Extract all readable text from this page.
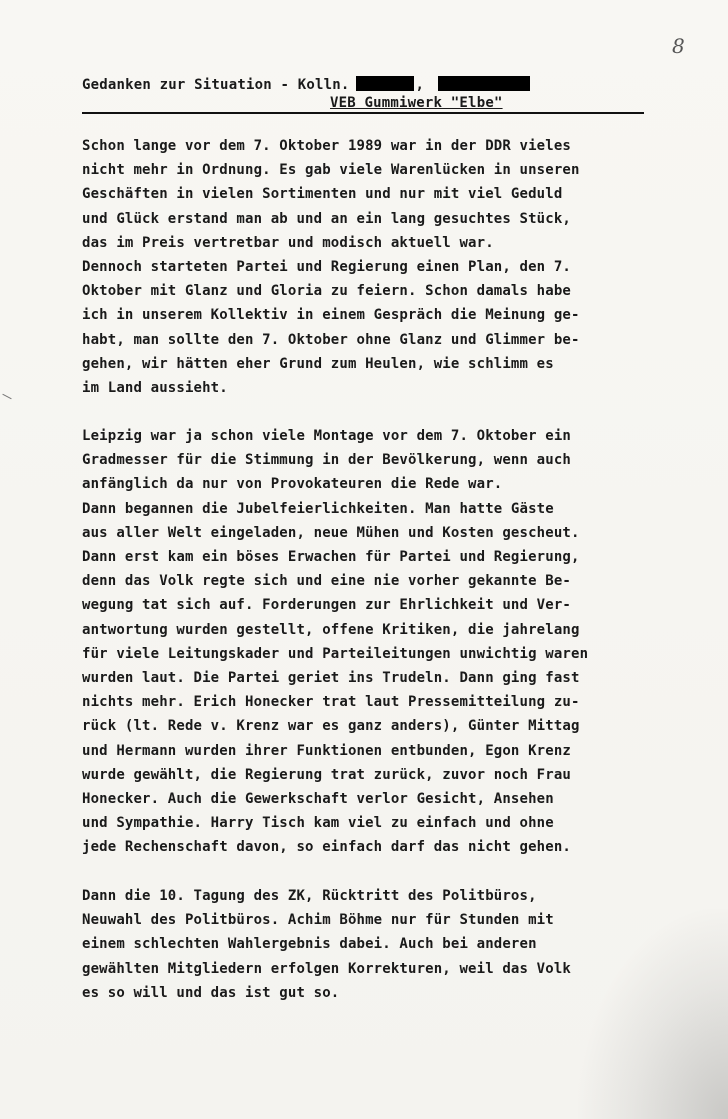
8
Gedanken zur Situation - Kolln.	,
VEB Gummiwerk "Elbe"
Schon lange vor dem 7. Oktober 1989 war in der DDR vieles
nicht mehr in Ordnung. Es gab viele Warenlücken in unseren
Geschäften in vielen Sortimenten und nur mit viel Geduld
und Glück erstand man ab und an ein lang gesuchtes Stück,
das im Preis vertretbar und modisch aktuell war.
Dennoch starteten Partei und Regierung einen Plan, den 7.
Oktober mit Glanz und Gloria zu feiern. Schon damals habe
ich in unserem Kollektiv in einem Gespräch die Meinung ge-
habt, man sollte den 7. Oktober ohne Glanz und Glimmer be-
gehen, wir hätten eher Grund zum Heulen, wie schlimm es
im Land aussieht.
Leipzig war ja schon viele Montage vor dem 7. Oktober ein
Gradmesser für die Stimmung in der Bevölkerung, wenn auch
anfänglich da nur von Provokateuren die Rede war.
Dann begannen die Jubelfeierlichkeiten. Man hatte Gäste
aus aller Welt eingeladen, neue Mühen und Kosten gescheut.
Dann erst kam ein böses Erwachen für Partei und Regierung,
denn das Volk regte sich und eine nie vorher gekannte Be-
wegung tat sich auf. Forderungen zur Ehrlichkeit und Ver-
antwortung wurden gestellt, offene Kritiken, die jahrelang
für viele Leitungskader und Parteileitungen unwichtig waren
wurden laut. Die Partei geriet ins Trudeln. Dann ging fast
nichts mehr. Erich Honecker trat laut Pressemitteilung zu-
rück (lt. Rede v. Krenz war es ganz anders), Günter Mittag
und Hermann wurden ihrer Funktionen entbunden, Egon Krenz
wurde gewählt, die Regierung trat zurück, zuvor noch Frau
Honecker. Auch die Gewerkschaft verlor Gesicht, Ansehen
und Sympathie. Harry Tisch kam viel zu einfach und ohne
jede Rechenschaft davon, so einfach darf das nicht gehen.
Dann die 10. Tagung des ZK, Rücktritt des Politbüros,
Neuwahl des Politbüros. Achim Böhme nur für Stunden mit
einem schlechten Wahlergebnis dabei. Auch bei anderen
gewählten Mitgliedern erfolgen Korrekturen, weil das Volk
es so will und das ist gut so.
